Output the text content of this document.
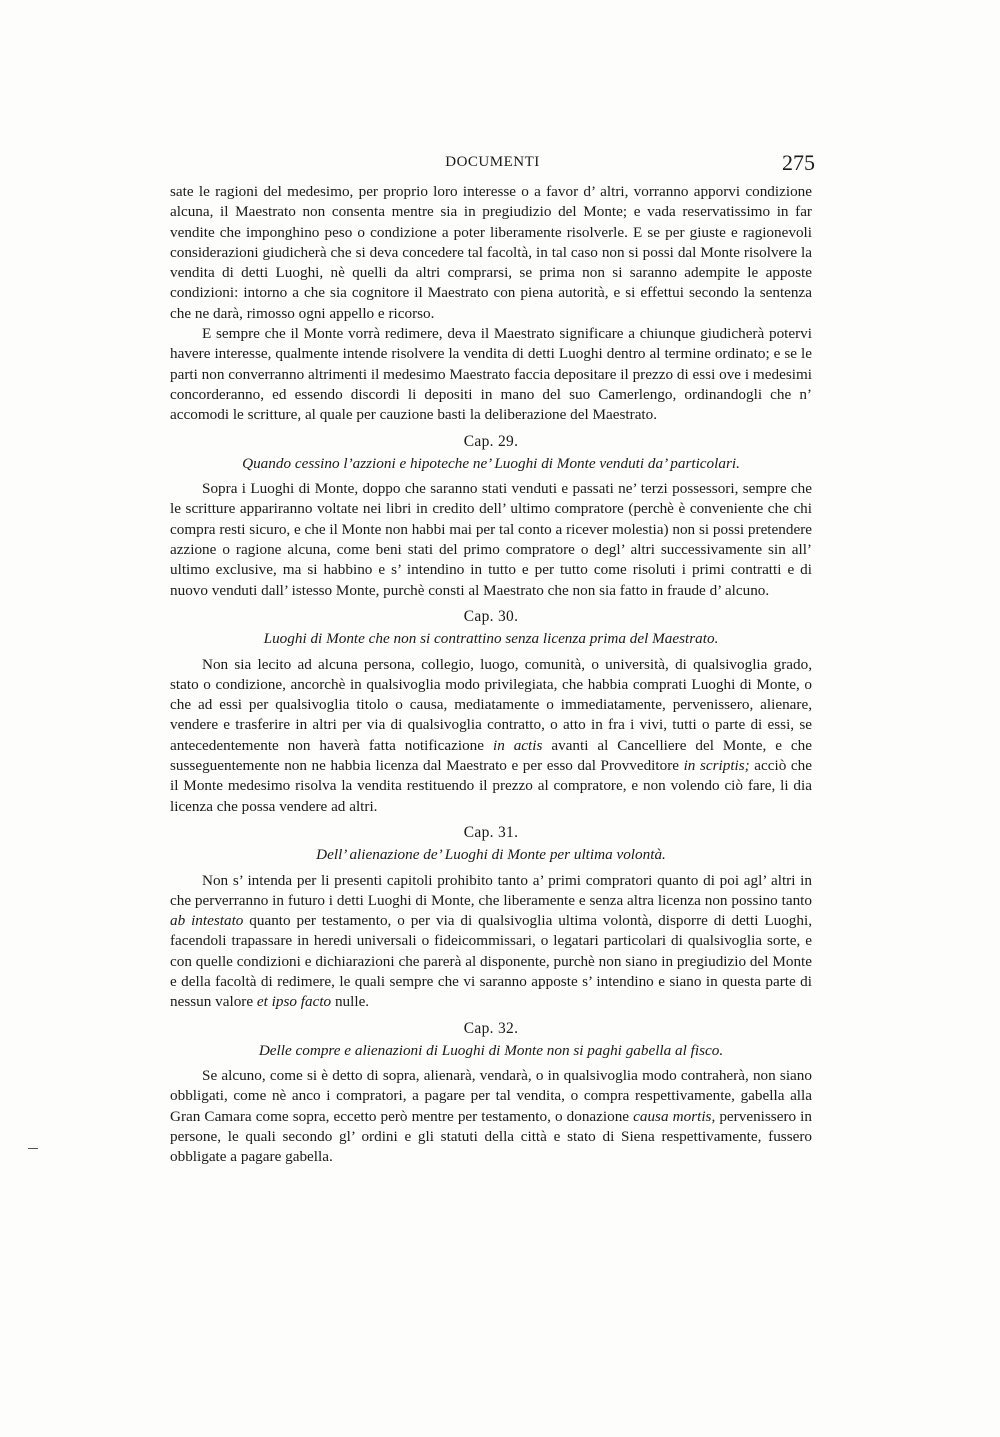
DOCUMENTI	275

sate le ragioni del medesimo, per proprio loro interesse o a favor d’ altri, vorranno apporvi condizione alcuna, il Maestrato non consenta mentre sia in pregiudizio del Monte; e vada reservatissimo in far vendite che imponghino peso o condizione a poter liberamente risolverle. E se per giuste e ragionevoli considerazioni giudicherà che si deva concedere tal facoltà, in tal caso non si possi dal Monte risolvere la vendita di detti Luoghi, nè quelli da altri comprarsi, se prima non si saranno adempite le apposte condizioni: intorno a che sia cognitore il Maestrato con piena autorità, e si effettui secondo la sentenza che ne darà, rimosso ogni appello e ricorso.

E sempre che il Monte vorrà redimere, deva il Maestrato significare a chiunque giudicherà potervi havere interesse, qualmente intende risolvere la vendita di detti Luoghi dentro al termine ordinato; e se le parti non converranno altrimenti il medesimo Maestrato faccia depositare il prezzo di essi ove i medesimi concorderanno, ed essendo discordi li depositi in mano del suo Camerlengo, ordinandogli che n’ accomodi le scritture, al quale per cauzione basti la deliberazione del Maestrato.

Cap. 29.
Quando cessino l’azzioni e hipoteche ne’ Luoghi di Monte venduti da’ particolari.

Sopra i Luoghi di Monte, doppo che saranno stati venduti e passati ne’ terzi possessori, sempre che le scritture appariranno voltate nei libri in credito dell’ ultimo compratore (perchè è conveniente che chi compra resti sicuro, e che il Monte non habbi mai per tal conto a ricever molestia) non si possi pretendere azzione o ragione alcuna, come beni stati del primo compratore o degl’ altri successivamente sin all’ ultimo exclusive, ma si habbino e s’ intendino in tutto e per tutto come risoluti i primi contratti e di nuovo venduti dall’ istesso Monte, purchè consti al Maestrato che non sia fatto in fraude d’ alcuno.

Cap. 30.
Luoghi di Monte che non si contrattino senza licenza prima del Maestrato.

Non sia lecito ad alcuna persona, collegio, luogo, comunità, o università, di qualsivoglia grado, stato o condizione, ancorchè in qualsivoglia modo privilegiata, che habbia comprati Luoghi di Monte, o che ad essi per qualsivoglia titolo o causa, mediatamente o immediatamente, pervenissero, alienare, vendere e trasferire in altri per via di qualsivoglia contratto, o atto in fra i vivi, tutti o parte di essi, se antecedentemente non haverà fatta notificazione in actis avanti al Cancelliere del Monte, e che susseguentemente non ne habbia licenza dal Maestrato e per esso dal Provveditore in scriptis; acciò che il Monte medesimo risolva la vendita restituendo il prezzo al compratore, e non volendo ciò fare, li dia licenza che possa vendere ad altri.

Cap. 31.
Dell’ alienazione de’ Luoghi di Monte per ultima volontà.

Non s’ intenda per li presenti capitoli prohibito tanto a’ primi compratori quanto di poi agl’ altri in che perverranno in futuro i detti Luoghi di Monte, che liberamente e senza altra licenza non possino tanto ab intestato quanto per testamento, o per via di qualsivoglia ultima volontà, disporre di detti Luoghi, facendoli trapassare in heredi universali o fideicommissari, o legatari particolari di qualsivoglia sorte, e con quelle condizioni e dichiarazioni che parerà al disponente, purchè non siano in pregiudizio del Monte e della facoltà di redimere, le quali sempre che vi saranno apposte s’ intendino e siano in questa parte di nessun valore et ipso facto nulle.

Cap. 32.
Delle compre e alienazioni di Luoghi di Monte non si paghi gabella al fisco.

Se alcuno, come si è detto di sopra, alienarà, vendarà, o in qualsivoglia modo contraherà, non siano obbligati, come nè anco i compratori, a pagare per tal vendita, o compra respettivamente, gabella alla Gran Camara come sopra, eccetto però mentre per testamento, o donazione causa mortis, pervenissero in persone, le quali secondo gl’ ordini e gli statuti della città e stato di Siena respettivamente, fussero obbligate a pagare gabella.
